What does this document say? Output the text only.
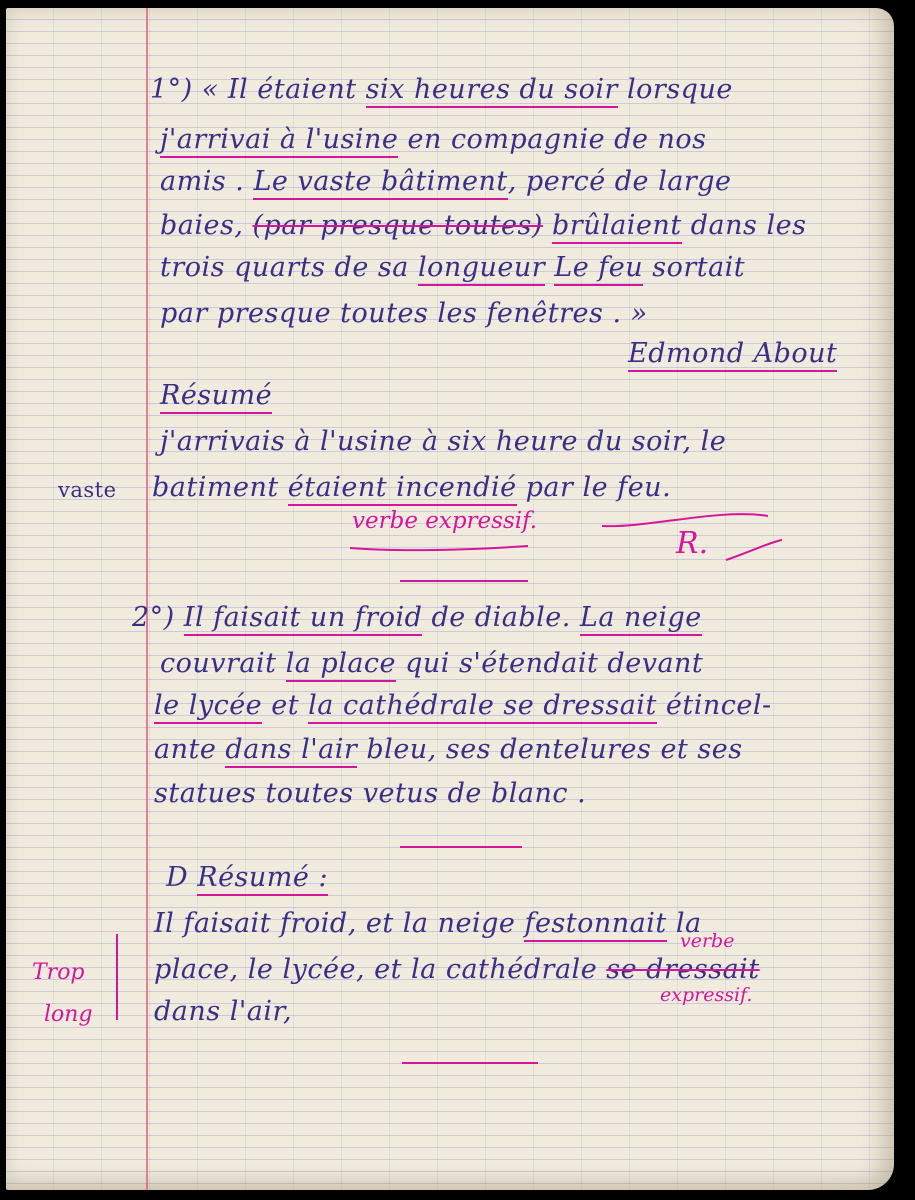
1°) « Il étaient six heures du soir lorsque
j'arrivai à l'usine en compagnie de nos
amis . Le vaste bâtiment, percé de large
baies, (par presque toutes) brûlaient dans les
trois quarts de sa longueur Le feu sortait
par presque toutes les fenêtres . »
Edmond About
Résumé
j'arrivais à l'usine à six heure du soir, le
vaste batiment étaient incendié par le feu.
verbe expressif.
R.
2°) Il faisait un froid de diable. La neige
couvrait la place qui s'étendait devant
le lycée et la cathédrale se dressait étincel-
ante dans l'air bleu, ses dentelures et ses
statues toutes vetus de blanc .
D Résumé :
Il faisait froid, et la neige festonnait la
verbe
place, le lycée, et la cathédrale se dressait
expressif.
dans l'air,
Trop
long
